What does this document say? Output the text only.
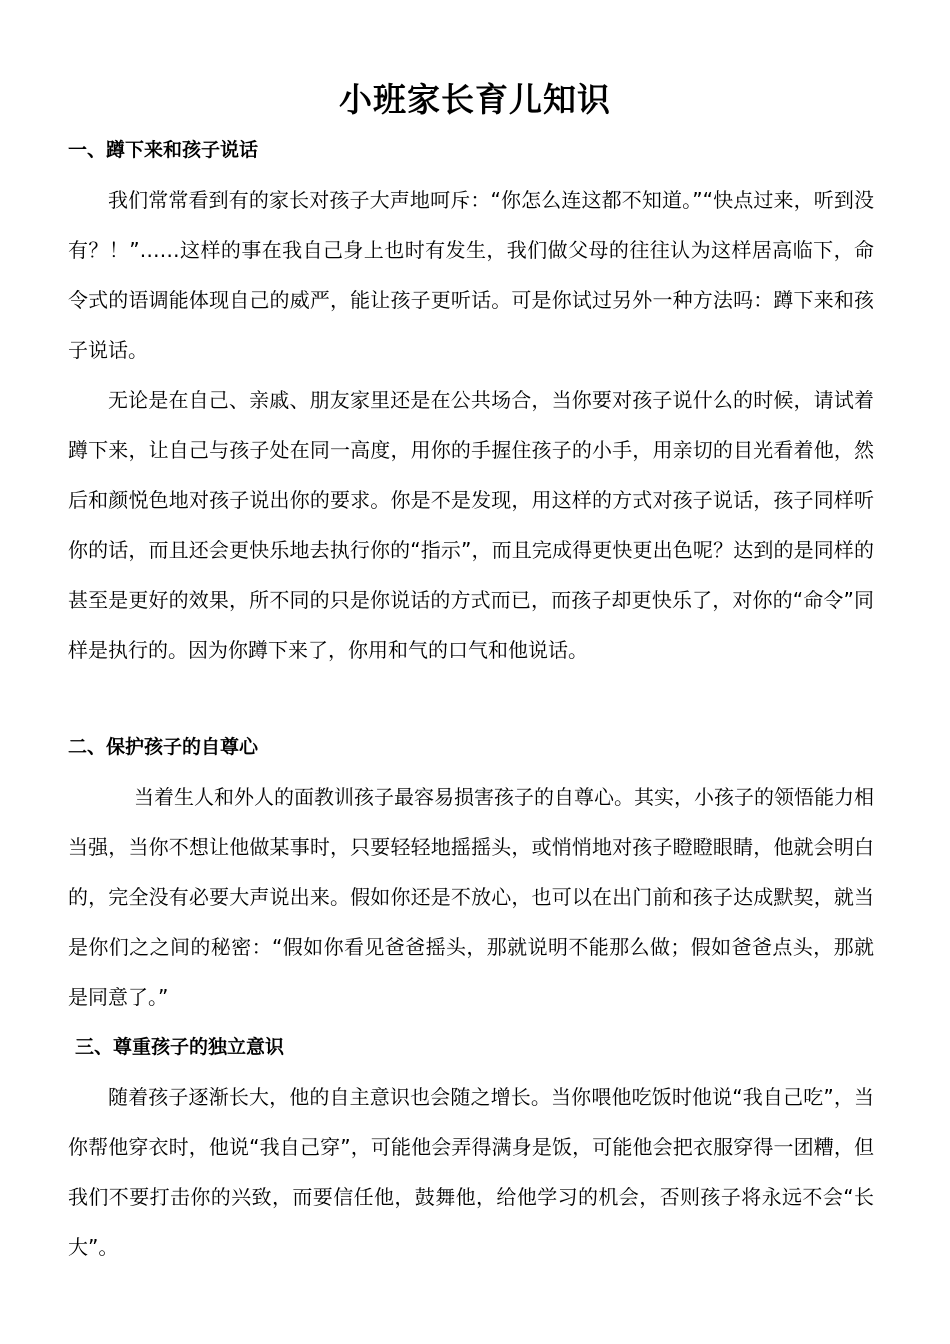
小班家长育儿知识
一、蹲下来和孩子说话

我们常常看到有的家长对孩子大声地呵斥：“你怎么连这都不知道。”“快点过来，听到没有？！”……这样的事在我自己身上也时有发生，我们做父母的往往认为这样居高临下，命令式的语调能体现自己的威严，能让孩子更听话。可是你试过另外一种方法吗：蹲下来和孩子说话。

无论是在自己、亲戚、朋友家里还是在公共场合，当你要对孩子说什么的时候，请试着蹲下来，让自己与孩子处在同一高度，用你的手握住孩子的小手，用亲切的目光看着他，然后和颜悦色地对孩子说出你的要求。你是不是发现，用这样的方式对孩子说话，孩子同样听你的话，而且还会更快乐地去执行你的“指示”，而且完成得更快更出色呢？达到的是同样的甚至是更好的效果，所不同的只是你说话的方式而已，而孩子却更快乐了，对你的“命令”同样是执行的。因为你蹲下来了，你用和气的口气和他说话。

二、保护孩子的自尊心

当着生人和外人的面教训孩子最容易损害孩子的自尊心。其实，小孩子的领悟能力相当强，当你不想让他做某事时，只要轻轻地摇摇头，或悄悄地对孩子瞪瞪眼睛，他就会明白的，完全没有必要大声说出来。假如你还是不放心，也可以在出门前和孩子达成默契，就当是你们之之间的秘密：“假如你看见爸爸摇头，那就说明不能那么做；假如爸爸点头，那就是同意了。”

三、尊重孩子的独立意识

随着孩子逐渐长大，他的自主意识也会随之增长。当你喂他吃饭时他说“我自己吃”，当你帮他穿衣时，他说“我自己穿”，可能他会弄得满身是饭，可能他会把衣服穿得一团糟，但我们不要打击你的兴致，而要信任他，鼓舞他，给他学习的机会，否则孩子将永远不会“长大”。
